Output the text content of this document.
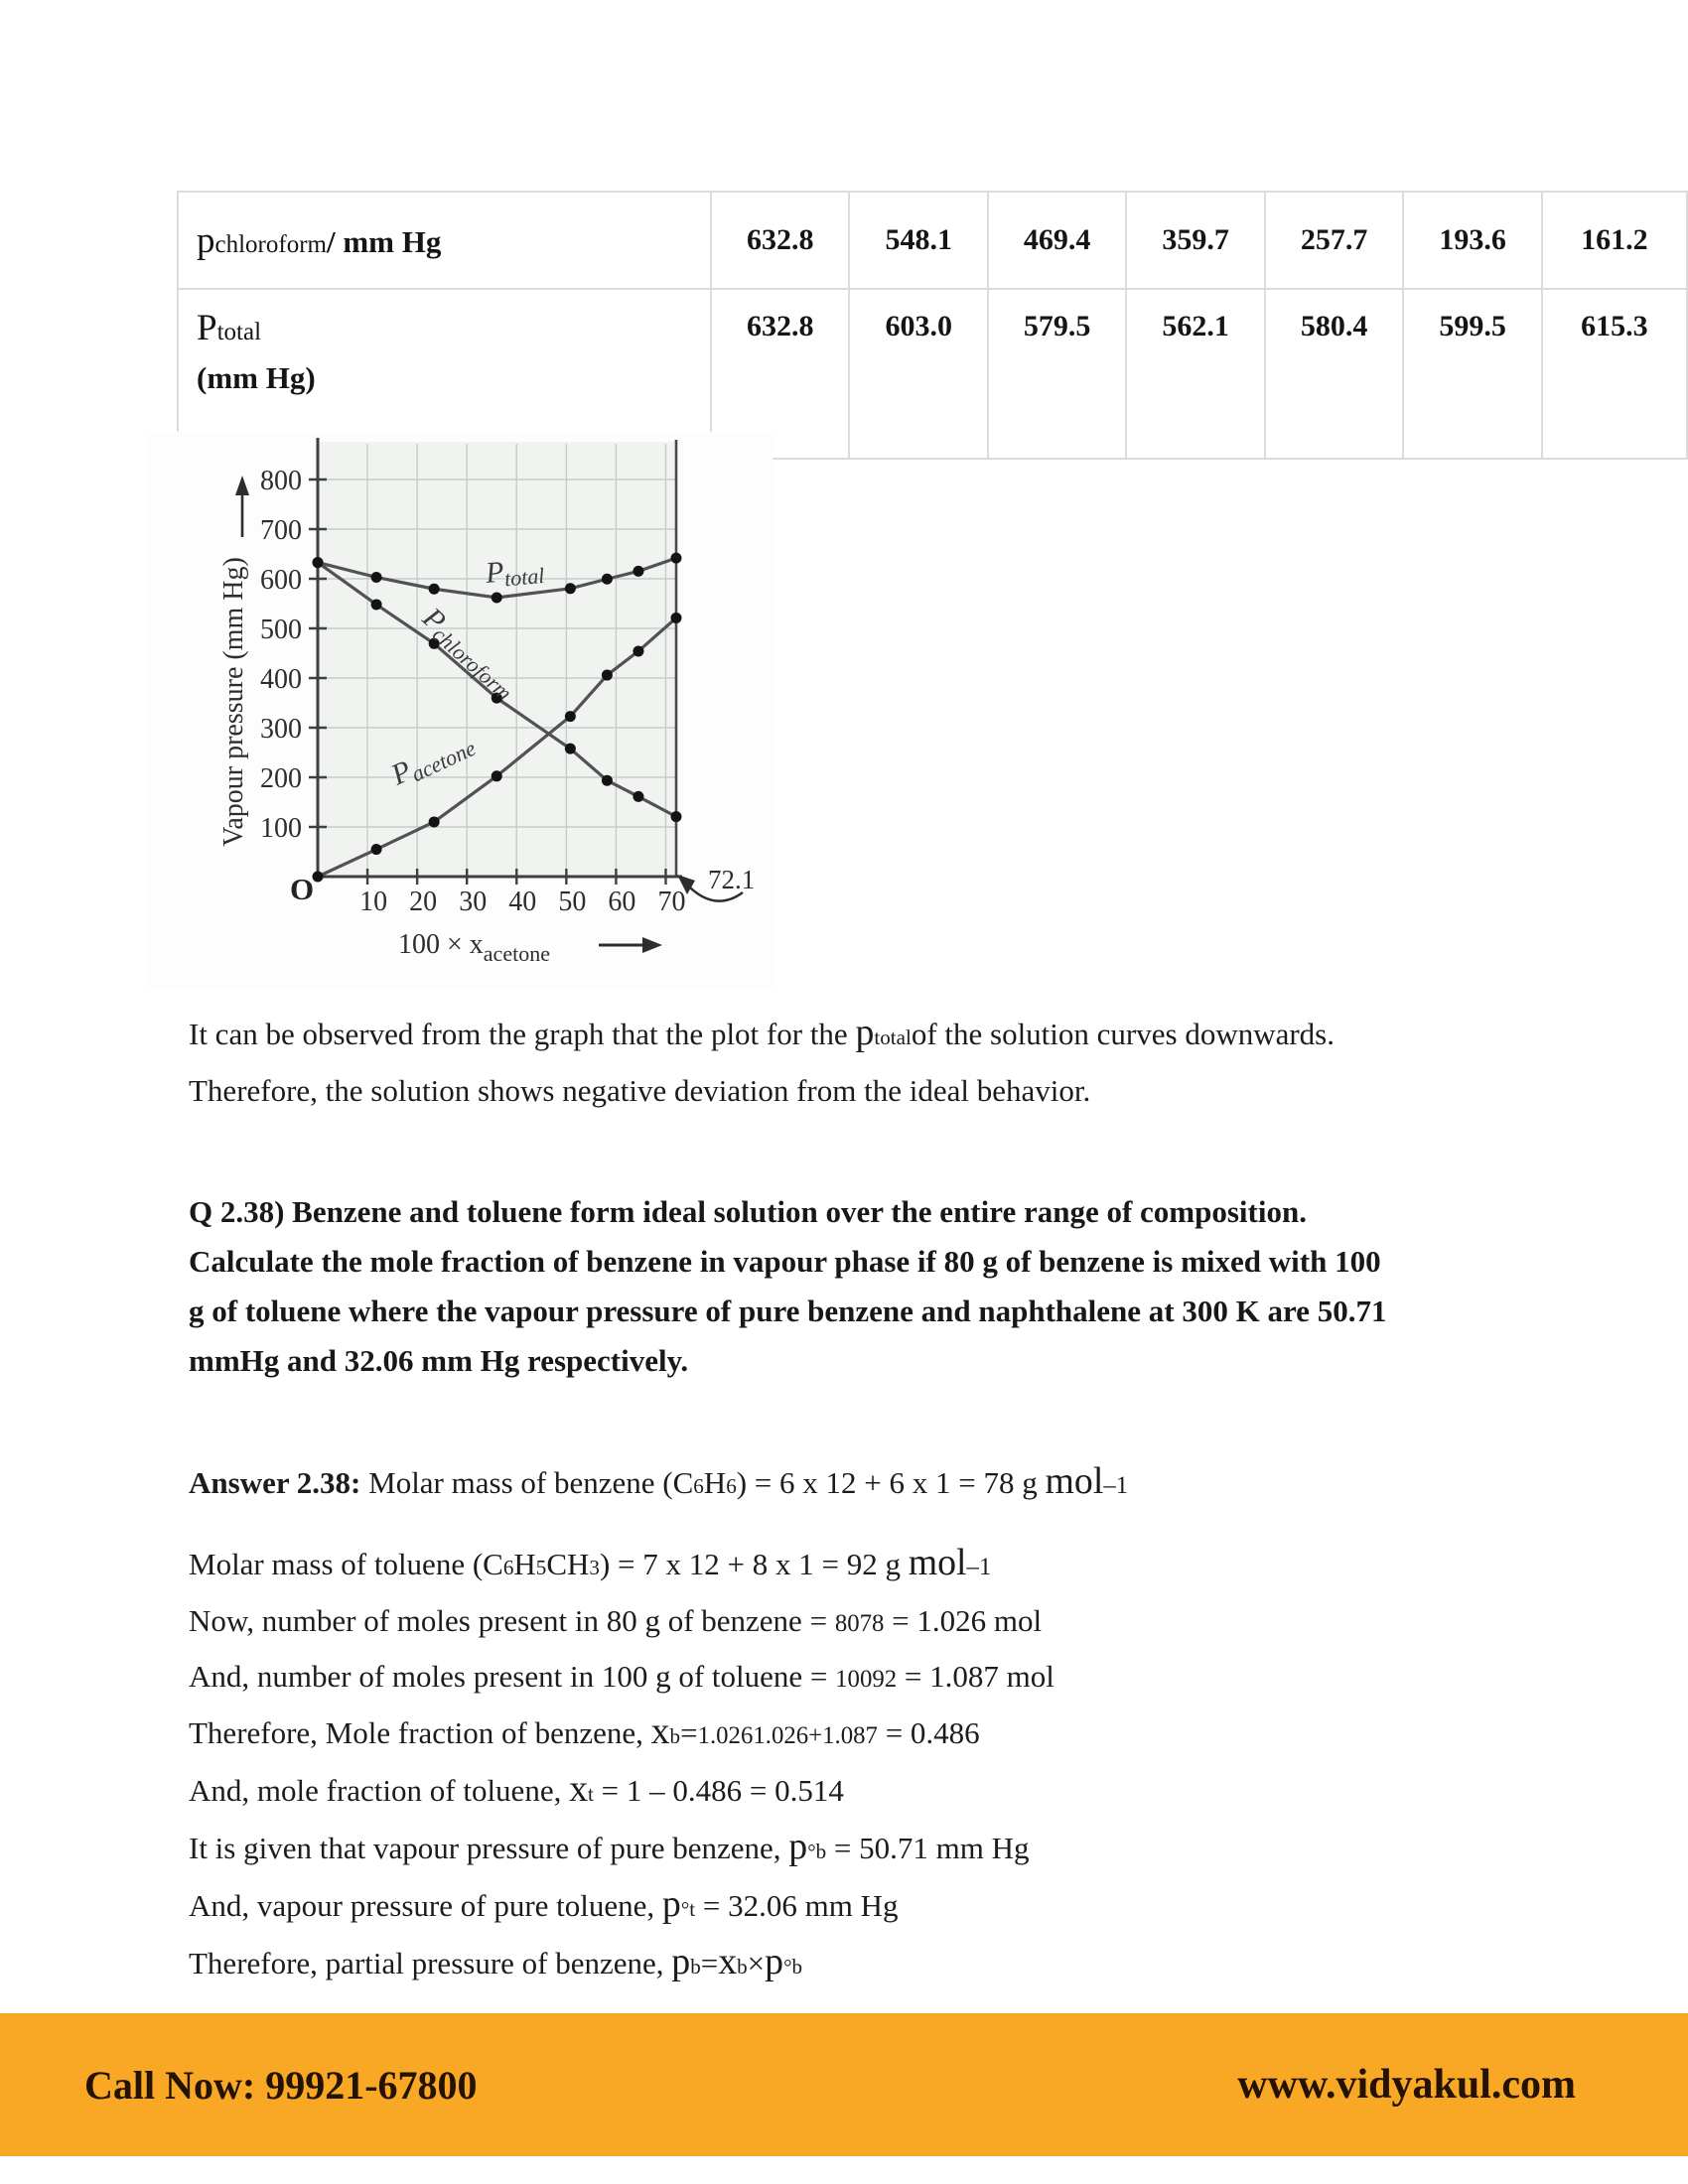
pchloroform/ mm Hg	632.8	548.1	469.4	359.7	257.7	193.6	161.2

Ptotal
(mm Hg)	632.8	603.0	579.5	562.1	580.4	599.5	615.3
100
200
300
400
500
600
700
800
10 20 30 40 50 60 70
Ptotal
Pchloroform
Pacetone
Vapour pressure (mm Hg)
$100 \times x_{acetone}$
O	72.1

It can be observed from the graph that the plot for the ptotalof the solution curves downwards. Therefore, the solution shows negative deviation from the ideal behavior.

Q 2.38) Benzene and toluene form ideal solution over the entire range of composition. Calculate the mole fraction of benzene in vapour phase if 80 g of benzene is mixed with 100 g of toluene where the vapour pressure of pure benzene and naphthalene at 300 K are 50.71 mmHg and 32.06 mm Hg respectively.

Answer 2.38: Molar mass of benzene (C6H6) = 6 x 12 + 6 x 1 = 78 g mol–1
Molar mass of toluene (C6H5CH3) = 7 x 12 + 8 x 1 = 92 g mol–1
Now, number of moles present in 80 g of benzene = 8078 = 1.026 mol
And, number of moles present in 100 g of toluene = 10092 = 1.087 mol
Therefore, Mole fraction of benzene, xb=1.0261.026+1.087 = 0.486
And, mole fraction of toluene, xt = 1 – 0.486 = 0.514
It is given that vapour pressure of pure benzene, p°b = 50.71 mm Hg
And, vapour pressure of pure toluene, p°t = 32.06 mm Hg
Therefore, partial pressure of benzene, pb=xb×p°b
Call Now: 99921-67800	www.vidyakul.com
